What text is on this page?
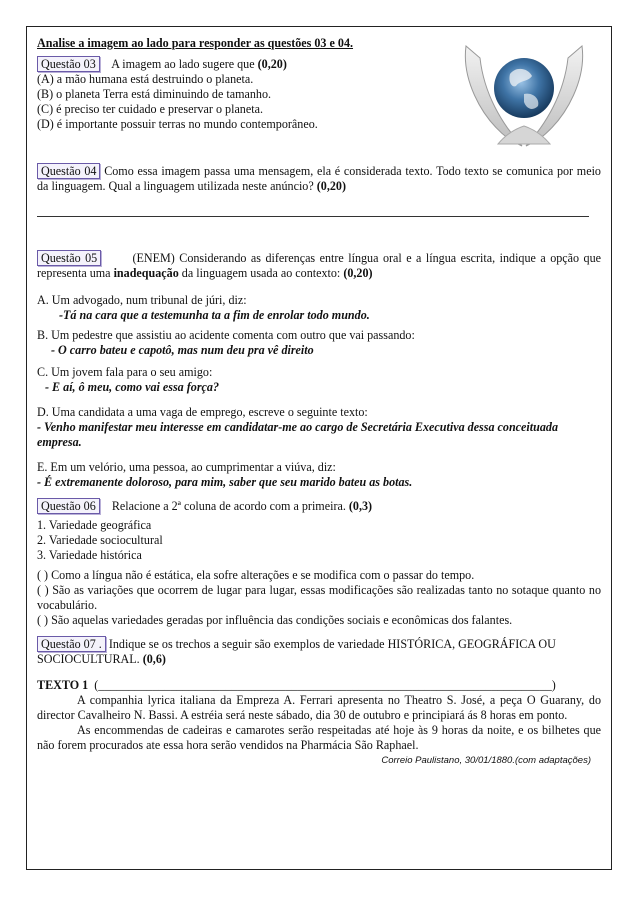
Analise a imagem ao lado para responder as questões 03 e 04.

Questão 03 A imagem ao lado sugere que (0,20)

(A) a mão humana está destruindo o planeta.

(B) o planeta Terra está diminuindo de tamanho.

(C) é preciso ter cuidado e preservar o planeta.

(D) é importante possuir terras no mundo contemporâneo.

Questão 04 Como essa imagem passa uma mensagem, ela é considerada texto. Todo texto se comunica por meio da linguagem. Qual a linguagem utilizada neste anúncio? (0,20)

Questão 05	(ENEM) Considerando as diferenças entre língua oral e a língua escrita, indique a opção que representa uma inadequação da linguagem usada ao contexto: (0,20)

A. Um advogado, num tribunal de júri, diz:

-Tá na cara que a testemunha ta a fim de enrolar todo mundo.

B. Um pedestre que assistiu ao acidente comenta com outro que vai passando:

- O carro bateu e capotô, mas num deu pra vê direito

C. Um jovem fala para o seu amigo:

- E aí, ô meu, como vai essa força?

D. Uma candidata a uma vaga de emprego, escreve o seguinte texto:

- Venho manifestar meu interesse em candidatar-me ao cargo de Secretária Executiva dessa conceituada empresa.

E. Em um velório, uma pessoa, ao cumprimentar a viúva, diz:

- É extremanente doloroso, para mim, saber que seu marido bateu as botas.

Questão 06 Relacione a 2ª coluna de acordo com a primeira. (0,3)

1. Variedade geográfica

2. Variedade sociocultural

3. Variedade histórica

( ) Como a língua não é estática, ela sofre alterações e se modifica com o passar do tempo.

( ) São as variações que ocorrem de lugar para lugar, essas modificações são realizadas tanto no sotaque quanto no vocabulário.

( ) São aquelas variedades geradas por influência das condições sociais e econômicas dos falantes.

Questão 07 . Indique se os trechos a seguir são exemplos de variedade HISTÓRICA, GEOGRÁFICA OU SOCIOCULTURAL. (0,6)

TEXTO 1 (___________________________________________________________________________)

A companhia lyrica italiana da Empreza A. Ferrari apresenta no Theatro S. José, a peça O Guarany, do director Cavalheiro N. Bassi. A estréia será neste sábado, dia 30 de outubro e principiará ás 8 horas em ponto.

As encommendas de cadeiras e camarotes serão respeitadas até hoje às 9 horas da noite, e os bilhetes que não forem procurados ate essa hora serão vendidos na Pharmácia São Raphael.

Correio Paulistano, 30/01/1880.(com adaptações)
